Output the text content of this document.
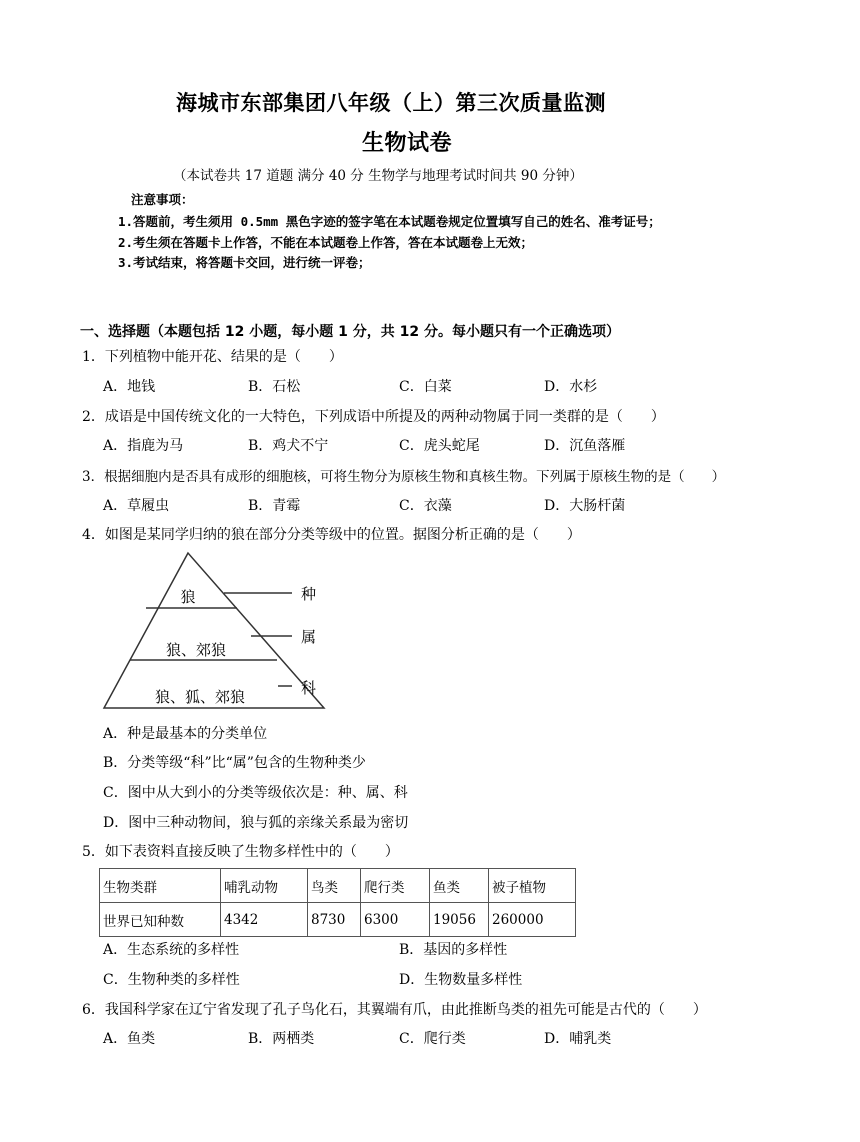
海城市东部集团八年级（上）第三次质量监测
生物试卷
（本试卷共 17 道题 满分 40 分 生物学与地理考试时间共 90 分钟）
注意事项：
1.答题前，考生须用 0.5mm 黑色字迹的签字笔在本试题卷规定位置填写自己的姓名、准考证号；
2.考生须在答题卡上作答，不能在本试题卷上作答，答在本试题卷上无效；
3.考试结束，将答题卡交回，进行统一评卷；
一、选择题（本题包括 12 小题，每小题 1 分，共 12 分。每小题只有一个正确选项）
1．下列植物中能开花、结果的是（　　）
A．地钱	B．石松	C．白菜	D．水杉
2．成语是中国传统文化的一大特色，下列成语中所提及的两种动物属于同一类群的是（　　）
A．指鹿为马	B．鸡犬不宁	C．虎头蛇尾	D．沉鱼落雁
3．根据细胞内是否具有成形的细胞核，可将生物分为原核生物和真核生物。下列属于原核生物的是（　　）
A．草履虫	B．青霉	C．衣藻	D．大肠杆菌
4．如图是某同学归纳的狼在部分分类等级中的位置。据图分析正确的是（　　）
狼
狼、郊狼
狼、狐、郊狼
种
属
科
A．种是最基本的分类单位
B．分类等级“科”比“属”包含的生物种类少
C．图中从大到小的分类等级依次是：种、属、科
D．图中三种动物间，狼与狐的亲缘关系最为密切
5．如下表资料直接反映了生物多样性中的（　　）
生物类群	哺乳动物	鸟类	爬行类	鱼类	被子植物
世界已知种数	4342	8730	6300	19056	260000
A．生态系统的多样性	B．基因的多样性
C．生物种类的多样性	D．生物数量多样性
6．我国科学家在辽宁省发现了孔子鸟化石，其翼端有爪，由此推断鸟类的祖先可能是古代的（　　）
A．鱼类	B．两栖类	C．爬行类	D．哺乳类
